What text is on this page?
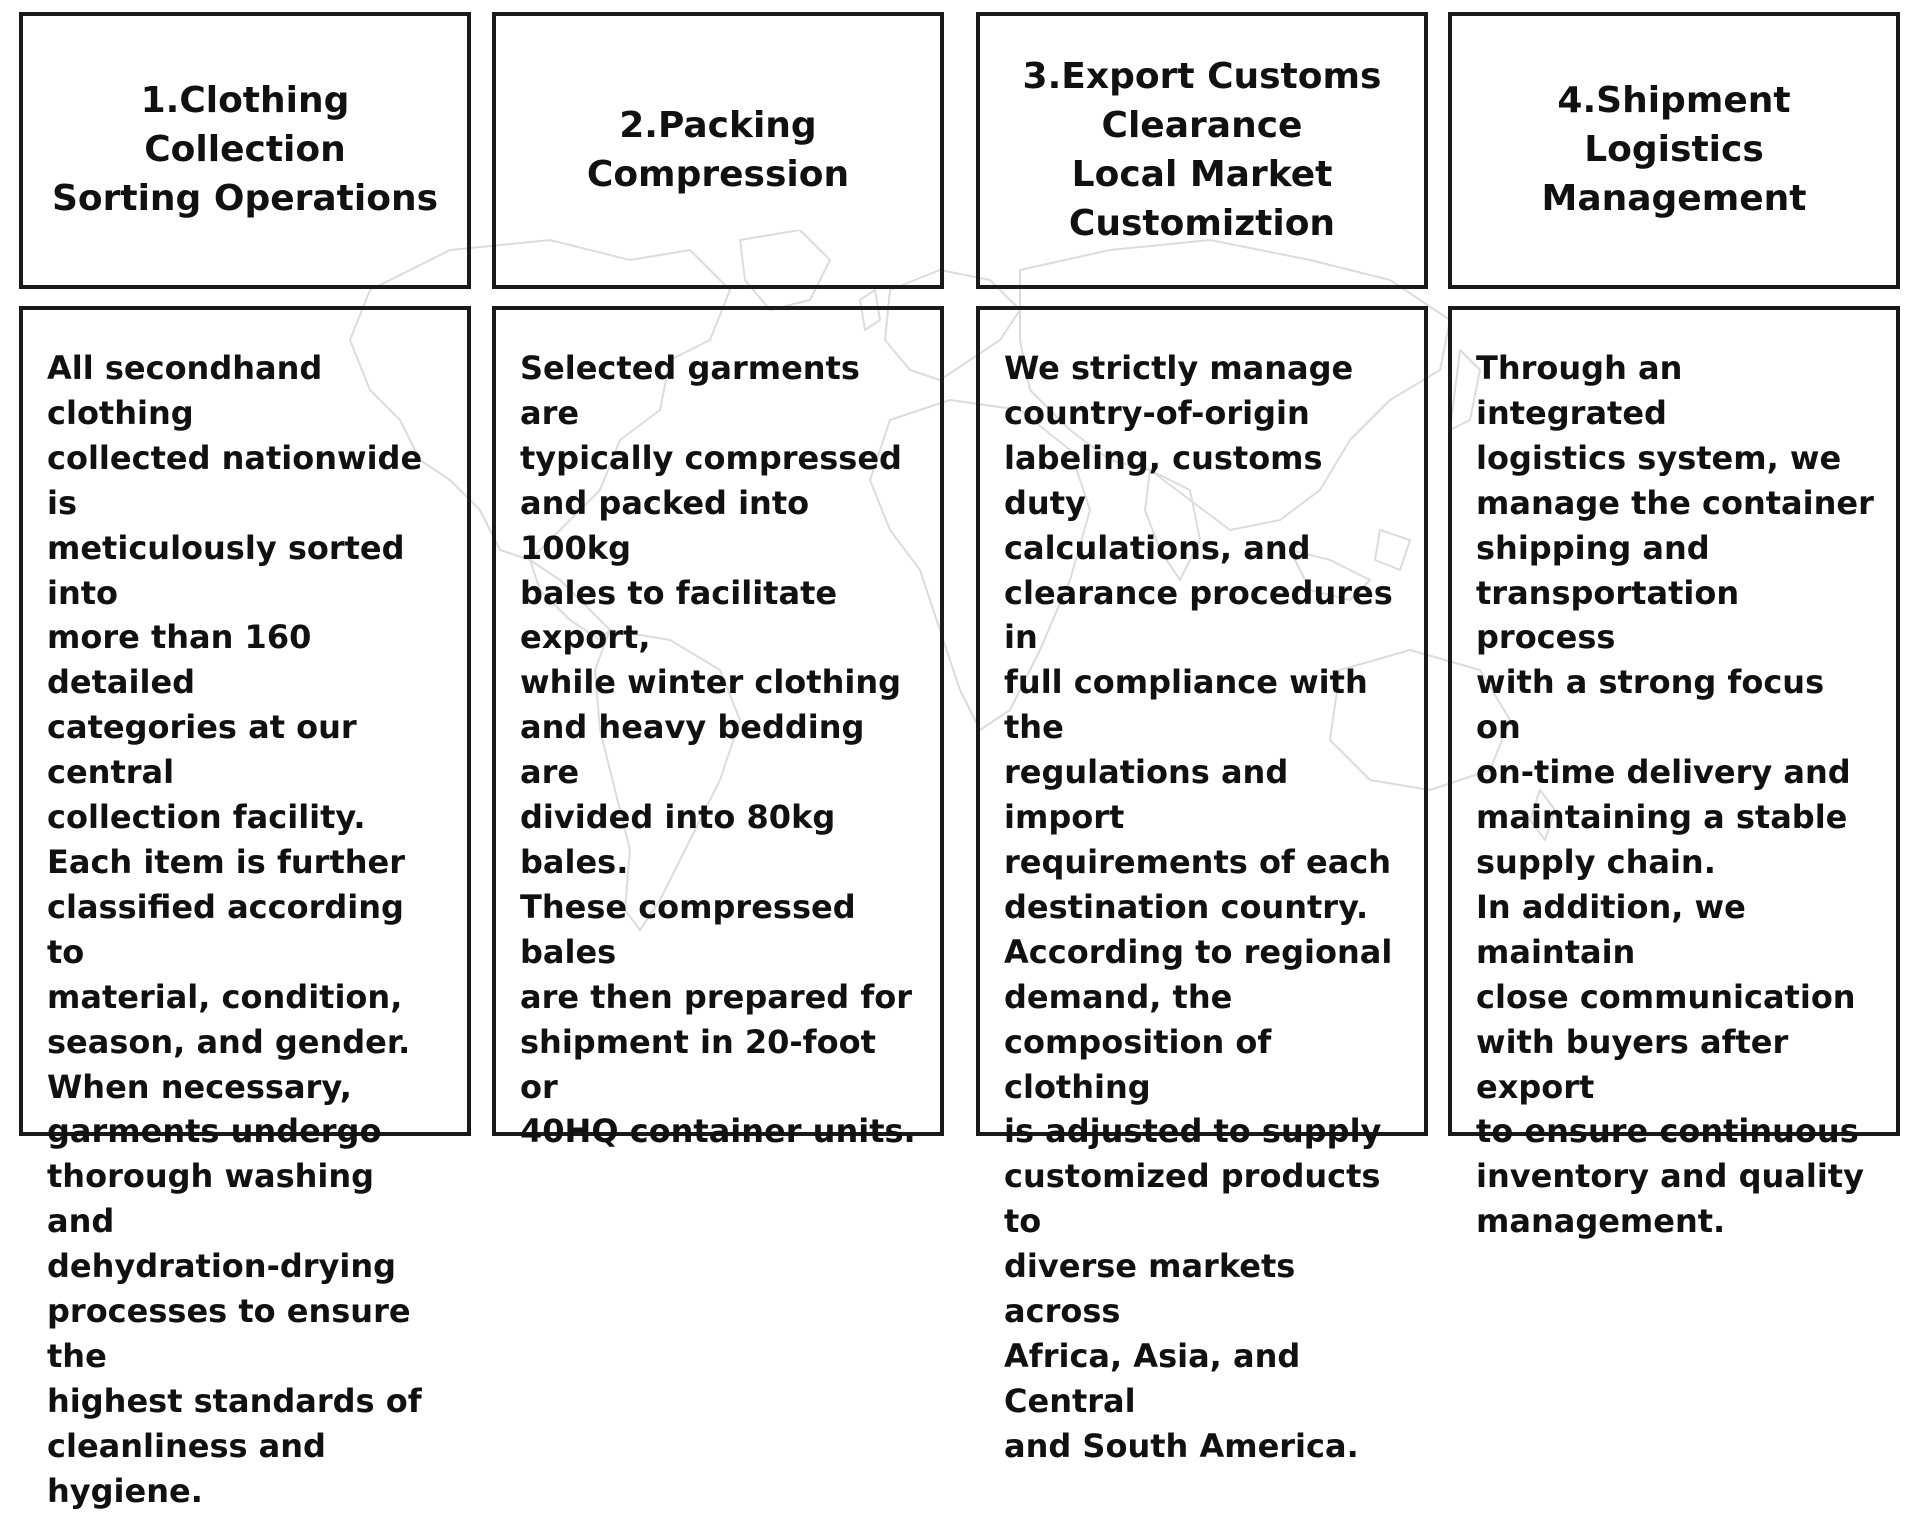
1.Clothing Collection
Sorting Operations
All secondhand clothing
collected nationwide is
meticulously sorted into
more than 160 detailed
categories at our central
collection facility.
Each item is further
classified according to
material, condition,
season, and gender.
When necessary,
garments undergo
thorough washing and
dehydration-drying
processes to ensure the
highest standards of
cleanliness and hygiene.
2.Packing
Compression
Selected garments are
typically compressed
and packed into 100kg
bales to facilitate export,
while winter clothing
and heavy bedding are
divided into 80kg bales.
These compressed bales
are then prepared for
shipment in 20-foot or
40HQ container units.
3.Export Customs
Clearance
Local Market
Customiztion
We strictly manage
country-of-origin
labeling, customs duty
calculations, and
clearance procedures in
full compliance with the
regulations and import
requirements of each
destination country.
According to regional
demand, the
composition of clothing
is adjusted to supply
customized products to
diverse markets across
Africa, Asia, and Central
and South America.
4.Shipment
Logistics
Management
Through an integrated
logistics system, we
manage the container
shipping and
transportation process
with a strong focus on
on-time delivery and
maintaining a stable
supply chain.
In addition, we maintain
close communication
with buyers after export
to ensure continuous
inventory and quality
management.
